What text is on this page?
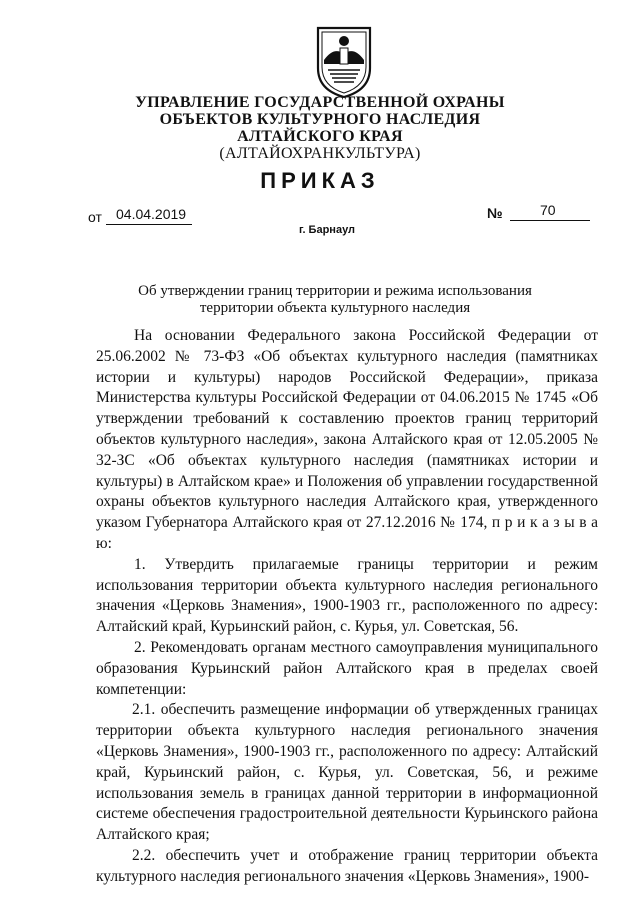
УПРАВЛЕНИЕ ГОСУДАРСТВЕННОЙ ОХРАНЫ
ОБЪЕКТОВ КУЛЬТУРНОГО НАСЛЕДИЯ
АЛТАЙСКОГО КРАЯ
(АЛТАЙОХРАНКУЛЬТУРА)
ПРИКАЗ
от 04.04.2019	№	70
г. Барнаул
Об утверждении границ территории и режима использования территории объекта культурного наследия

На основании Федерального закона Российской Федерации от 25.06.2002 № 73-ФЗ «Об объектах культурного наследия (памятниках истории и культуры) народов Российской Федерации», приказа Министерства культуры Российской Федерации от 04.06.2015 № 1745 «Об утверждении требований к составлению проектов границ территорий объектов культурного наследия», закона Алтайского края от 12.05.2005 № 32-ЗС «Об объектах культурного наследия (памятниках истории и культуры) в Алтайском крае» и Положения об управлении государственной охраны объектов культурного наследия Алтайского края, утвержденного указом Губернатора Алтайского края от 27.12.2016 № 174, п р и к а з ы в а ю:

1. Утвердить прилагаемые границы территории и режим использования территории объекта культурного наследия регионального значения «Церковь Знамения», 1900-1903 гг., расположенного по адресу: Алтайский край, Курьинский район, с. Курья, ул. Советская, 56.

2. Рекомендовать органам местного самоуправления муниципального образования Курьинский район Алтайского края в пределах своей компетенции:

2.1. обеспечить размещение информации об утвержденных границах территории объекта культурного наследия регионального значения «Церковь Знамения», 1900-1903 гг., расположенного по адресу: Алтайский край, Курьинский район, с. Курья, ул. Советская, 56, и режиме использования земель в границах данной территории в информационной системе обеспечения градостроительной деятельности Курьинского района Алтайского края;

2.2. обеспечить учет и отображение границ территории объекта культурного наследия регионального значения «Церковь Знамения», 1900-
